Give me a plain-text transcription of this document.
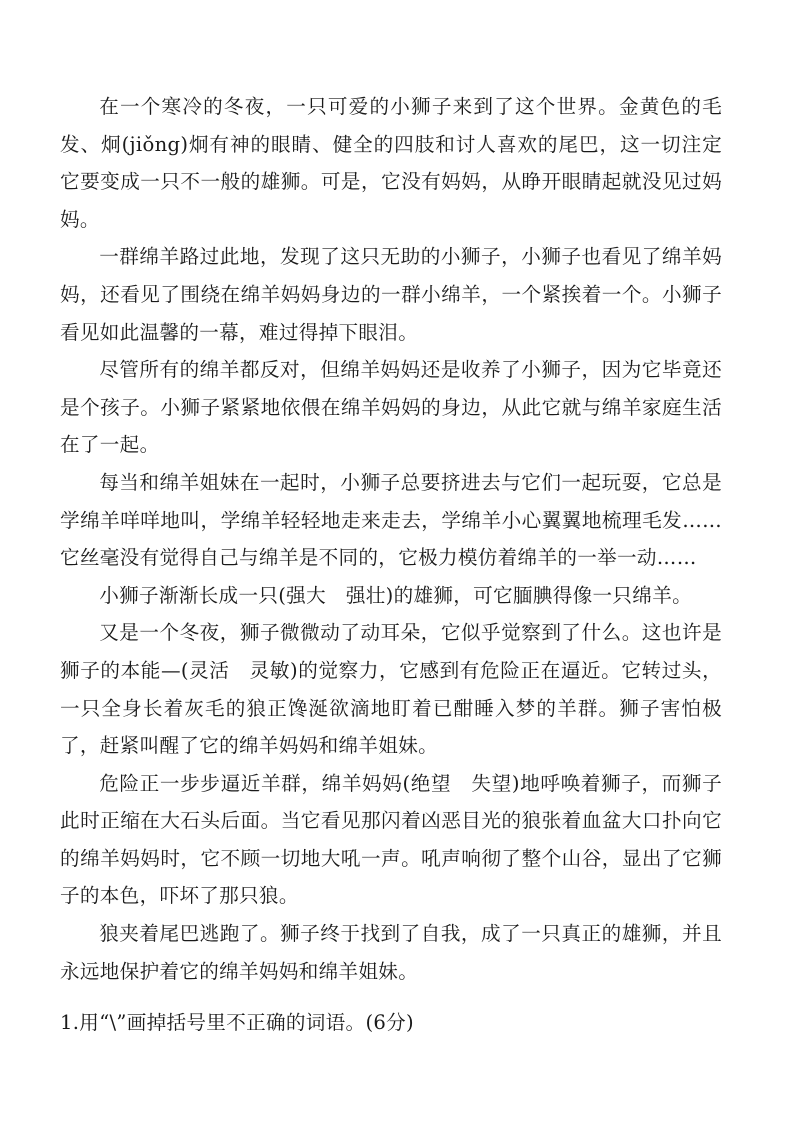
在一个寒冷的冬夜，一只可爱的小狮子来到了这个世界。金黄色的毛发、炯(jiǒng)炯有神的眼睛、健全的四肢和讨人喜欢的尾巴，这一切注定它要变成一只不一般的雄狮。可是，它没有妈妈，从睁开眼睛起就没见过妈妈。

一群绵羊路过此地，发现了这只无助的小狮子，小狮子也看见了绵羊妈妈，还看见了围绕在绵羊妈妈身边的一群小绵羊，一个紧挨着一个。小狮子看见如此温馨的一幕，难过得掉下眼泪。

尽管所有的绵羊都反对，但绵羊妈妈还是收养了小狮子，因为它毕竟还是个孩子。小狮子紧紧地依偎在绵羊妈妈的身边，从此它就与绵羊家庭生活在了一起。

每当和绵羊姐妹在一起时，小狮子总要挤进去与它们一起玩耍，它总是学绵羊咩咩地叫，学绵羊轻轻地走来走去，学绵羊小心翼翼地梳理毛发……它丝毫没有觉得自己与绵羊是不同的，它极力模仿着绵羊的一举一动……

小狮子渐渐长成一只(强大　强壮)的雄狮，可它腼腆得像一只绵羊。

又是一个冬夜，狮子微微动了动耳朵，它似乎觉察到了什么。这也许是狮子的本能—(灵活　灵敏)的觉察力，它感到有危险正在逼近。它转过头，一只全身长着灰毛的狼正馋涎欲滴地盯着已酣睡入梦的羊群。狮子害怕极了，赶紧叫醒了它的绵羊妈妈和绵羊姐妹。

危险正一步步逼近羊群，绵羊妈妈(绝望　失望)地呼唤着狮子，而狮子此时正缩在大石头后面。当它看见那闪着凶恶目光的狼张着血盆大口扑向它的绵羊妈妈时，它不顾一切地大吼一声。吼声响彻了整个山谷，显出了它狮子的本色，吓坏了那只狼。

狼夹着尾巴逃跑了。狮子终于找到了自我，成了一只真正的雄狮，并且永远地保护着它的绵羊妈妈和绵羊姐妹。

1.用“\”画掉括号里不正确的词语。(6分)
